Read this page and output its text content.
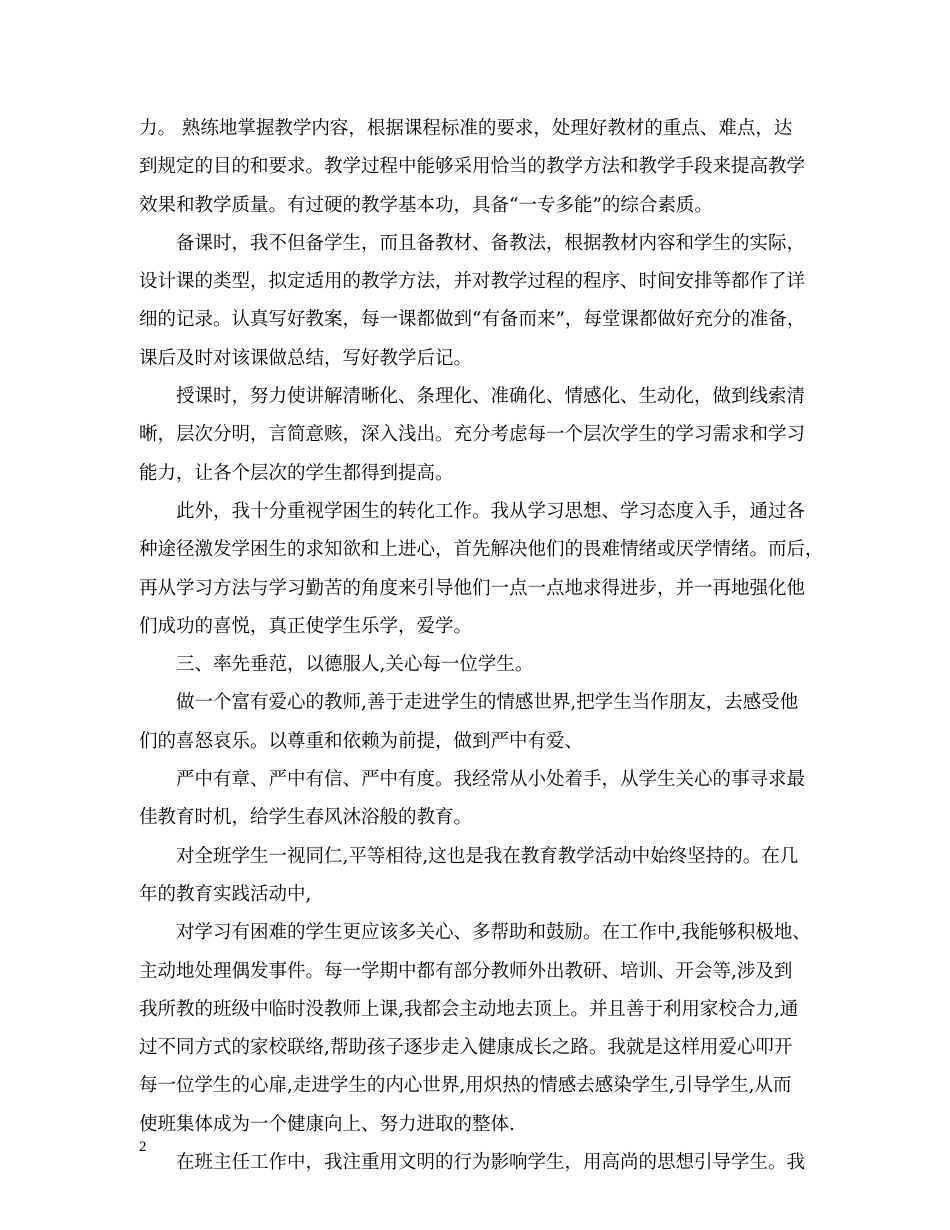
力。 熟练地掌握教学内容，根据课程标准的要求，处理好教材的重点、难点，达
到规定的目的和要求。教学过程中能够采用恰当的教学方法和教学手段来提高教学
效果和教学质量。有过硬的教学基本功，具备“一专多能”的综合素质。
备课时，我不但备学生，而且备教材、备教法，根据教材内容和学生的实际，
设计课的类型，拟定适用的教学方法，并对教学过程的程序、时间安排等都作了详
细的记录。认真写好教案，每一课都做到“有备而来”，每堂课都做好充分的准备，
课后及时对该课做总结，写好教学后记。
授课时，努力使讲解清晰化、条理化、准确化、情感化、生动化，做到线索清
晰，层次分明，言简意赅，深入浅出。充分考虑每一个层次学生的学习需求和学习
能力，让各个层次的学生都得到提高。
此外，我十分重视学困生的转化工作。我从学习思想、学习态度入手，通过各
种途径激发学困生的求知欲和上进心，首先解决他们的畏难情绪或厌学情绪。而后，
再从学习方法与学习勤苦的角度来引导他们一点一点地求得进步，并一再地强化他
们成功的喜悦，真正使学生乐学，爱学。
三、率先垂范，以德服人,关心每一位学生。
做一个富有爱心的教师,善于走进学生的情感世界,把学生当作朋友，去感受他
们的喜怒哀乐。以尊重和依赖为前提，做到严中有爱、
严中有章、严中有信、严中有度。我经常从小处着手，从学生关心的事寻求最
佳教育时机，给学生春风沐浴般的教育。
对全班学生一视同仁,平等相待,这也是我在教育教学活动中始终坚持的。在几
年的教育实践活动中,
对学习有困难的学生更应该多关心、多帮助和鼓励。在工作中,我能够积极地、
主动地处理偶发事件。每一学期中都有部分教师外出教研、培训、开会等,涉及到
我所教的班级中临时没教师上课,我都会主动地去顶上。并且善于利用家校合力,通
过不同方式的家校联络,帮助孩子逐步走入健康成长之路。我就是这样用爱心叩开
每一位学生的心扉,走进学生的内心世界,用炽热的情感去感染学生,引导学生,从而
使班集体成为一个健康向上、努力进取的整体.
在班主任工作中，我注重用文明的行为影响学生，用高尚的思想引导学生。我
2
